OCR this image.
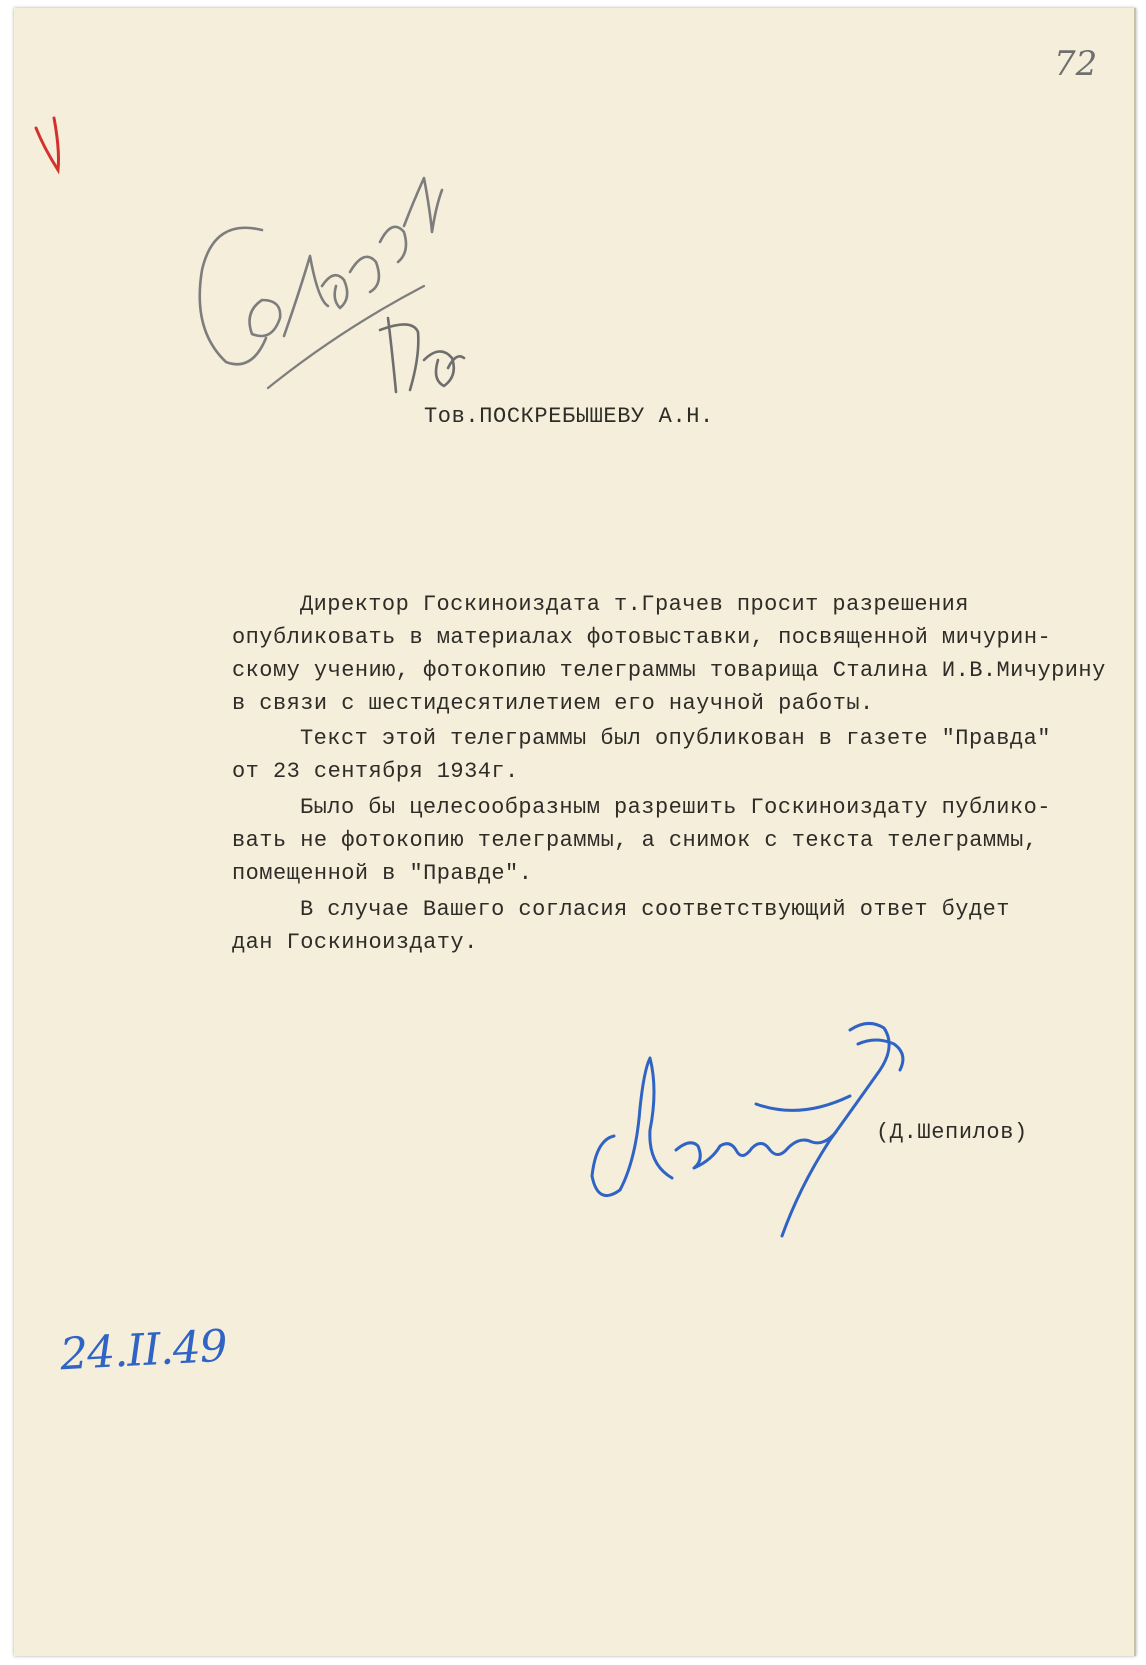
72

Тов.ПОСКРЕБЫШЕВУ А.Н.

Директор Госкиноиздата т.Грачев просит разрешения

опубликовать в материалах фотовыставки, посвященной мичурин-

скому учению, фотокопию телеграммы товарища Сталина И.В.Мичурину

в связи с шестидесятилетием его научной работы.

Текст этой телеграммы был опубликован в газете "Правда"

от 23 сентября 1934г.

Было бы целесообразным разрешить Госкиноиздату публико-

вать не фотокопию телеграммы, а снимок с текста телеграммы,

помещенной в "Правде".

В случае Вашего согласия соответствующий ответ будет

дан Госкиноиздату.

(Д.Шепилов)

24.II.49
